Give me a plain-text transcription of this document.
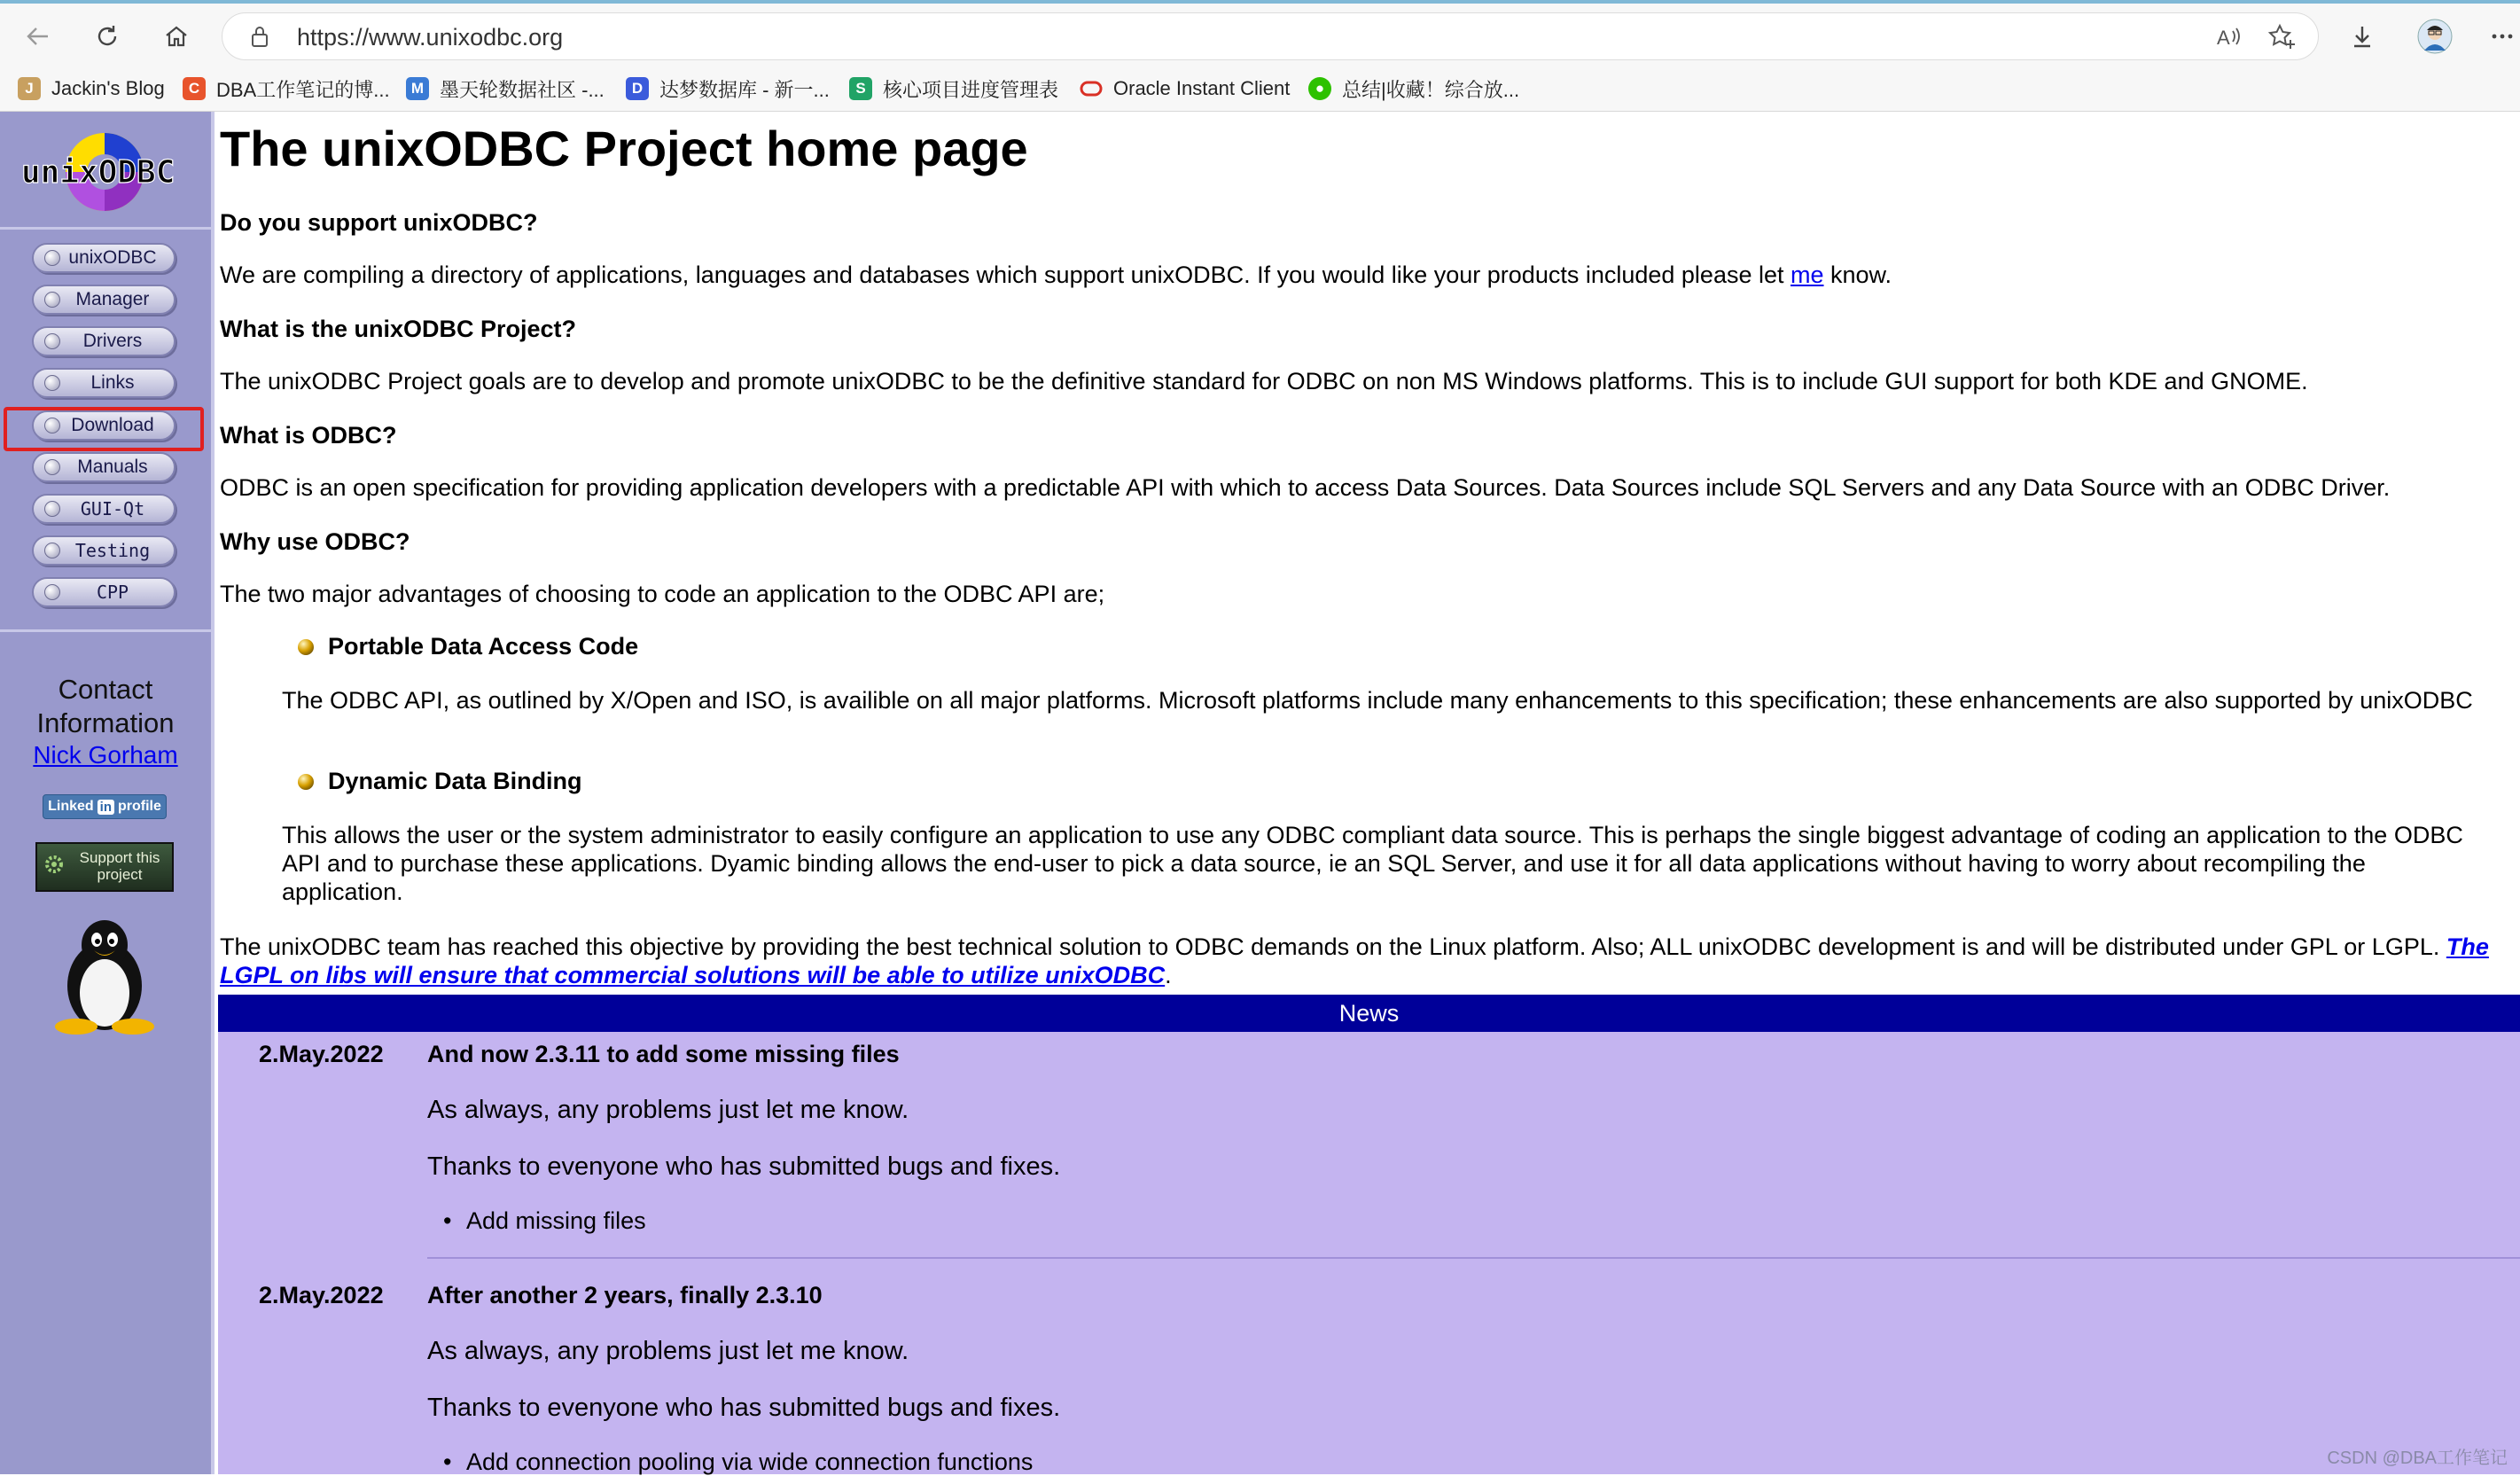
https://www.unixodbc.org	A
J Jackin's Blog	C DBA工作笔记的博...	M 墨天轮数据社区 -...	D 达梦数据库 - 新一...	S 核心项目进度管理表	Oracle Instant Client	● 总结|收藏！综合放...
unixODBC
unixODBC
Manager
Drivers
Links
Download
Manuals
GUI-Qt
Testing
CPP
Contact
Information
Nick Gorham
Linked in profile
Support this
project
The unixODBC Project home page
Do you support unixODBC?
We are compiling a directory of applications, languages and databases which support unixODBC. If you would like your products included please let me know.
What is the unixODBC Project?
The unixODBC Project goals are to develop and promote unixODBC to be the definitive standard for ODBC on non MS Windows platforms. This is to include GUI support for both KDE and GNOME.
What is ODBC?
ODBC is an open specification for providing application developers with a predictable API with which to access Data Sources. Data Sources include SQL Servers and any Data Source with an ODBC Driver.
Why use ODBC?
The two major advantages of choosing to code an application to the ODBC API are;
Portable Data Access Code
The ODBC API, as outlined by X/Open and ISO, is availible on all major platforms. Microsoft platforms include many enhancements to this specification; these enhancements are also supported by unixODBC
Dynamic Data Binding
This allows the user or the system administrator to easily configure an application to use any ODBC compliant data source. This is perhaps the single biggest advantage of coding an application to the ODBC API and to purchase these applications. Dyamic binding allows the end-user to pick a data source, ie an SQL Server, and use it for all data applications without having to worry about recompiling the application.
The unixODBC team has reached this objective by providing the best technical solution to ODBC demands on the Linux platform. Also; ALL unixODBC development is and will be distributed under GPL or LGPL. The LGPL on libs will ensure that commercial solutions will be able to utilize unixODBC.
News
2.May.2022 And now 2.3.11 to add some missing files
As always, any problems just let me know.
Thanks to evenyone who has submitted bugs and fixes.
• Add missing files
2.May.2022 After another 2 years, finally 2.3.10
As always, any problems just let me know.
Thanks to evenyone who has submitted bugs and fixes.
• Add connection pooling via wide connection functions	CSDN @DBA工作笔记
